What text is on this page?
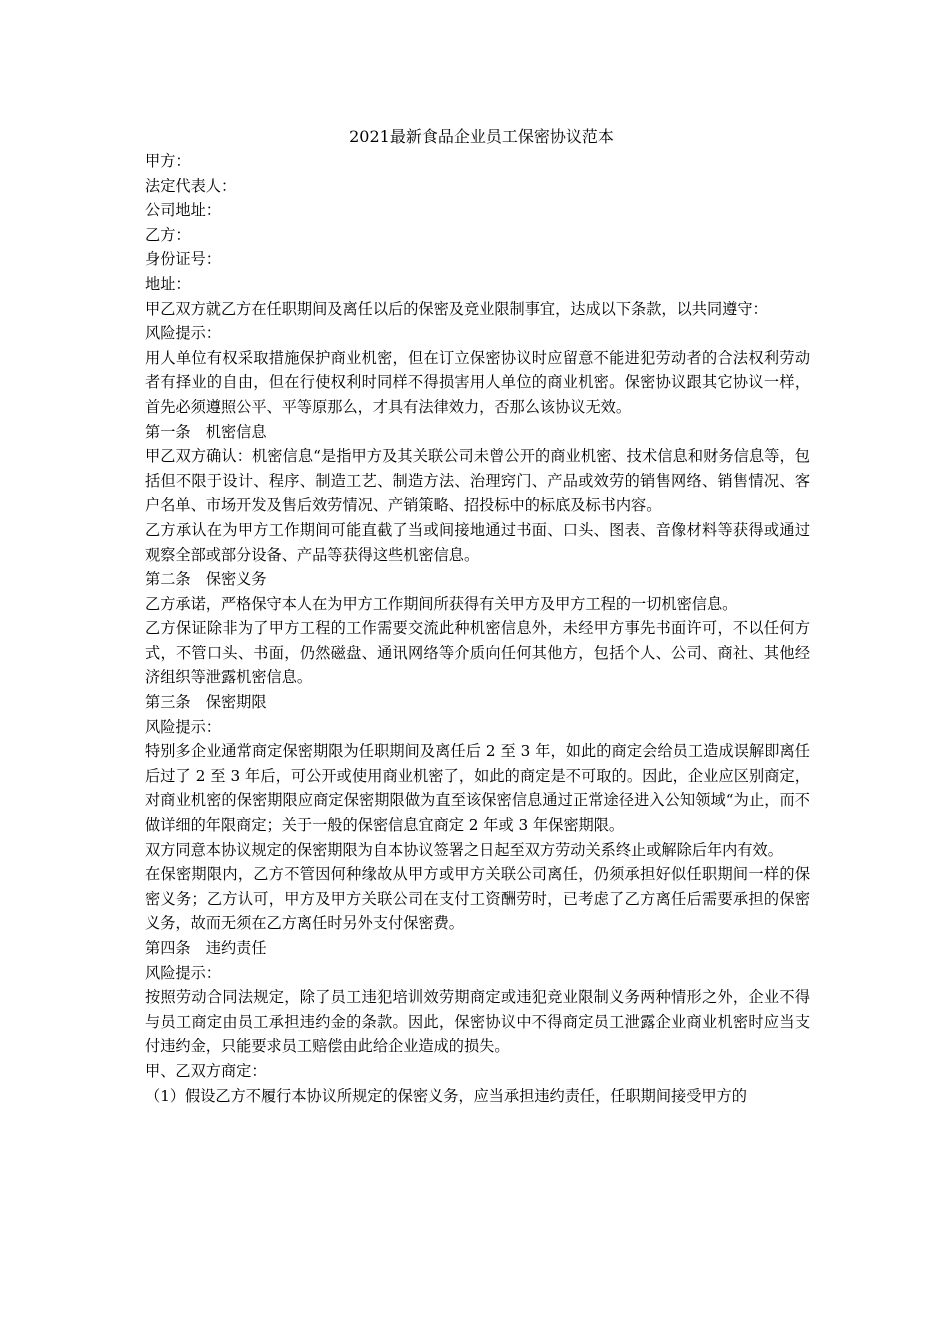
2021最新食品企业员工保密协议范本

甲方：

法定代表人：

公司地址：

乙方：

身份证号：

地址：

甲乙双方就乙方在任职期间及离任以后的保密及竞业限制事宜，达成以下条款，以共同遵守：

风险提示：

用人单位有权采取措施保护商业机密，但在订立保密协议时应留意不能进犯劳动者的合法权利劳动者有择业的自由，但在行使权利时同样不得损害用人单位的商业机密。保密协议跟其它协议一样，首先必须遵照公平、平等原那么，才具有法律效力，否那么该协议无效。

第一条　机密信息

甲乙双方确认：机密信息“是指甲方及其关联公司未曾公开的商业机密、技术信息和财务信息等，包括但不限于设计、程序、制造工艺、制造方法、治理窍门、产品或效劳的销售网络、销售情况、客户名单、市场开发及售后效劳情况、产销策略、招投标中的标底及标书内容。

乙方承认在为甲方工作期间可能直截了当或间接地通过书面、口头、图表、音像材料等获得或通过观察全部或部分设备、产品等获得这些机密信息。

第二条　保密义务

乙方承诺，严格保守本人在为甲方工作期间所获得有关甲方及甲方工程的一切机密信息。

乙方保证除非为了甲方工程的工作需要交流此种机密信息外，未经甲方事先书面许可，不以任何方式，不管口头、书面，仍然磁盘、通讯网络等介质向任何其他方，包括个人、公司、商社、其他经济组织等泄露机密信息。

第三条　保密期限

风险提示：

特别多企业通常商定保密期限为任职期间及离任后 2 至 3 年，如此的商定会给员工造成误解即离任后过了 2 至 3 年后，可公开或使用商业机密了，如此的商定是不可取的。因此，企业应区别商定，对商业机密的保密期限应商定保密期限做为直至该保密信息通过正常途径进入公知领域“为止，而不做详细的年限商定；关于一般的保密信息宜商定 2 年或 3 年保密期限。

双方同意本协议规定的保密期限为自本协议签署之日起至双方劳动关系终止或解除后年内有效。

在保密期限内，乙方不管因何种缘故从甲方或甲方关联公司离任，仍须承担好似任职期间一样的保密义务；乙方认可，甲方及甲方关联公司在支付工资酬劳时，已考虑了乙方离任后需要承担的保密义务，故而无须在乙方离任时另外支付保密费。

第四条　违约责任

风险提示：

按照劳动合同法规定，除了员工违犯培训效劳期商定或违犯竞业限制义务两种情形之外，企业不得与员工商定由员工承担违约金的条款。因此，保密协议中不得商定员工泄露企业商业机密时应当支付违约金，只能要求员工赔偿由此给企业造成的损失。

甲、乙双方商定：

（1）假设乙方不履行本协议所规定的保密义务，应当承担违约责任，任职期间接受甲方的
